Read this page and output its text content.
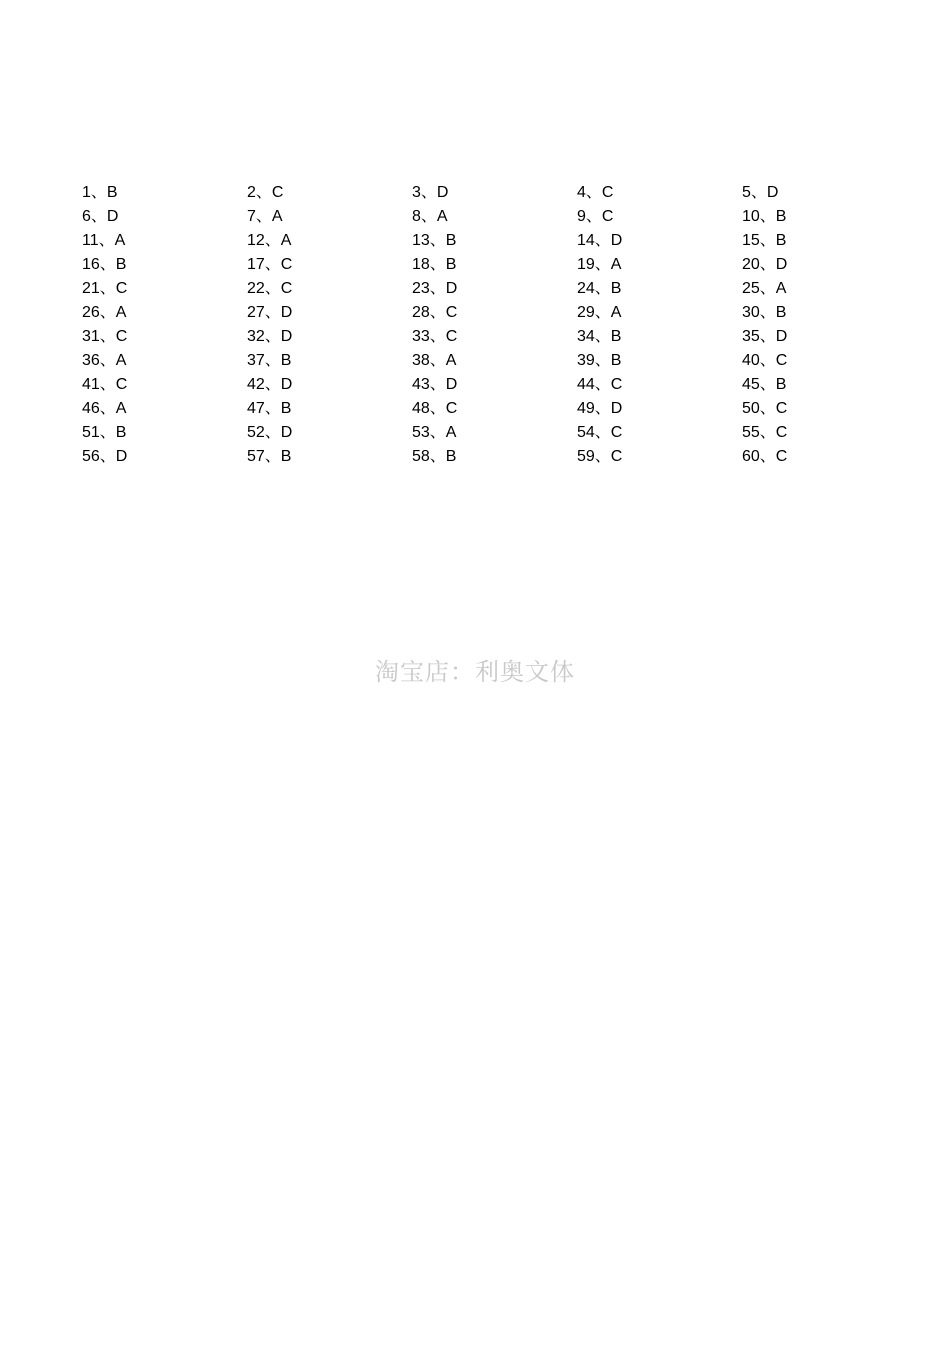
1、B	2、C	3、D	4、C	5、D
6、D	7、A	8、A	9、C	10、B
11、A	12、A	13、B	14、D	15、B
16、B	17、C	18、B	19、A	20、D
21、C	22、C	23、D	24、B	25、A
26、A	27、D	28、C	29、A	30、B
31、C	32、D	33、C	34、B	35、D
36、A	37、B	38、A	39、B	40、C
41、C	42、D	43、D	44、C	45、B
46、A	47、B	48、C	49、D	50、C
51、B	52、D	53、A	54、C	55、C
56、D	57、B	58、B	59、C	60、C
淘宝店：利奥文体
